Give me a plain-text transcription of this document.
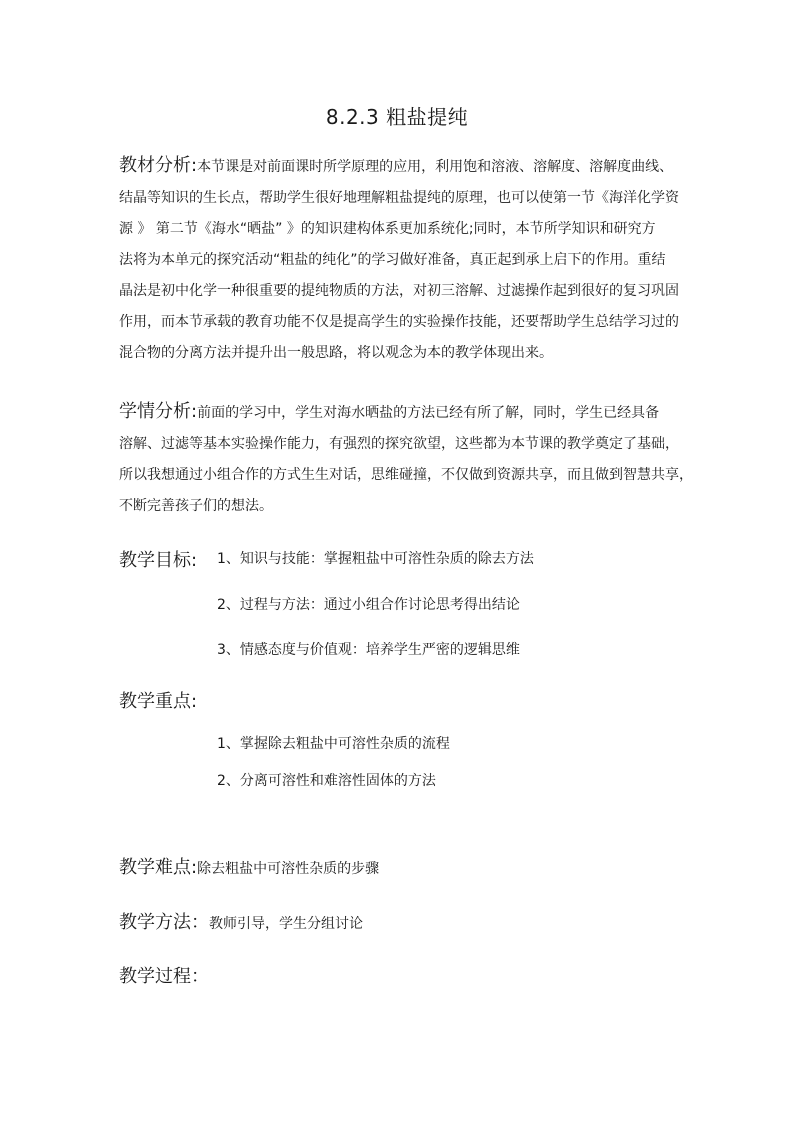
8.2.3 粗盐提纯
教材分析:本节课是对前面课时所学原理的应用，利用饱和溶液、溶解度、溶解度曲线、
结晶等知识的生长点，帮助学生很好地理解粗盐提纯的原理，也可以使第一节《海洋化学资
源 》 第二节《海水“晒盐” 》的知识建构体系更加系统化;同时，本节所学知识和研究方
法将为本单元的探究活动“粗盐的纯化”的学习做好准备，真正起到承上启下的作用。重结
晶法是初中化学一种很重要的提纯物质的方法，对初三溶解、过滤操作起到很好的复习巩固
作用，而本节承载的教育功能不仅是提高学生的实验操作技能，还要帮助学生总结学习过的
混合物的分离方法并提升出一般思路，将以观念为本的教学体现出来。
学情分析:前面的学习中，学生对海水晒盐的方法已经有所了解，同时，学生已经具备
溶解、过滤等基本实验操作能力，有强烈的探究欲望，这些都为本节课的教学奠定了基础，
所以我想通过小组合作的方式生生对话，思维碰撞，不仅做到资源共享，而且做到智慧共享，
不断完善孩子们的想法。
教学目标: 1、知识与技能：掌握粗盐中可溶性杂质的除去方法
2、过程与方法：通过小组合作讨论思考得出结论
3、情感态度与价值观：培养学生严密的逻辑思维
教学重点:
1、掌握除去粗盐中可溶性杂质的流程
2、分离可溶性和难溶性固体的方法
教学难点:除去粗盐中可溶性杂质的步骤
教学方法：教师引导，学生分组讨论
教学过程：
